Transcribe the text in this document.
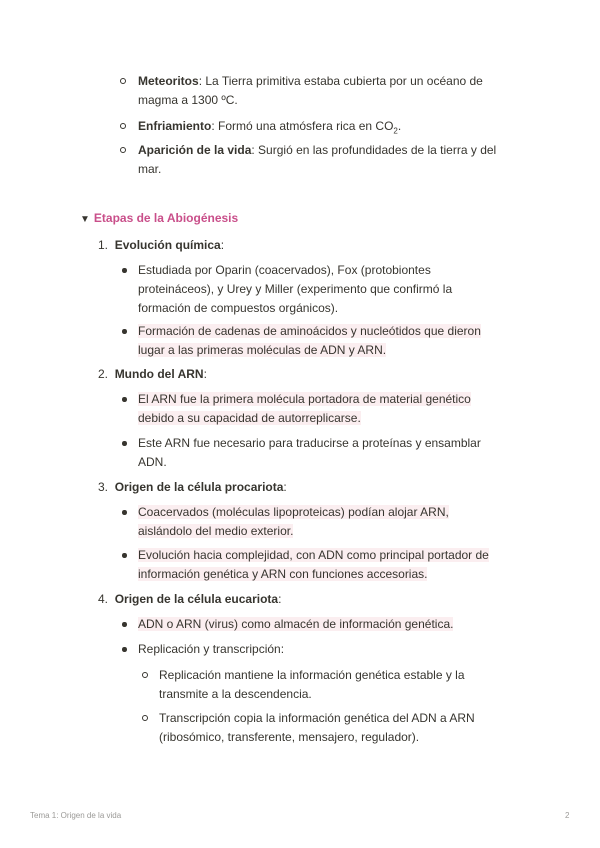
Meteoritos: La Tierra primitiva estaba cubierta por un océano de
magma a 1300 ºC.
Enfriamiento: Formó una atmósfera rica en $CO_2$.
Aparición de la vida: Surgió en las profundidades de la tierra y del
mar.
▼ Etapas de la Abiogénesis
1. Evolución química:
Estudiada por Oparin (coacervados), Fox (protobiontes
proteináceos), y Urey y Miller (experimento que confirmó la
formación de compuestos orgánicos).
Formación de cadenas de aminoácidos y nucleótidos que dieron
lugar a las primeras moléculas de ADN y ARN.
2. Mundo del ARN:
El ARN fue la primera molécula portadora de material genético
debido a su capacidad de autorreplicarse.
Este ARN fue necesario para traducirse a proteínas y ensamblar
ADN.
3. Origen de la célula procariota:
Coacervados (moléculas lipoproteicas) podían alojar ARN,
aislándolo del medio exterior.
Evolución hacia complejidad, con ADN como principal portador de
información genética y ARN con funciones accesorias.
4. Origen de la célula eucariota:
ADN o ARN (virus) como almacén de información genética.
Replicación y transcripción:
Replicación mantiene la información genética estable y la
transmite a la descendencia.
Transcripción copia la información genética del ADN a ARN
(ribosómico, transferente, mensajero, regulador).
Tema 1: Origen de la vida	2
